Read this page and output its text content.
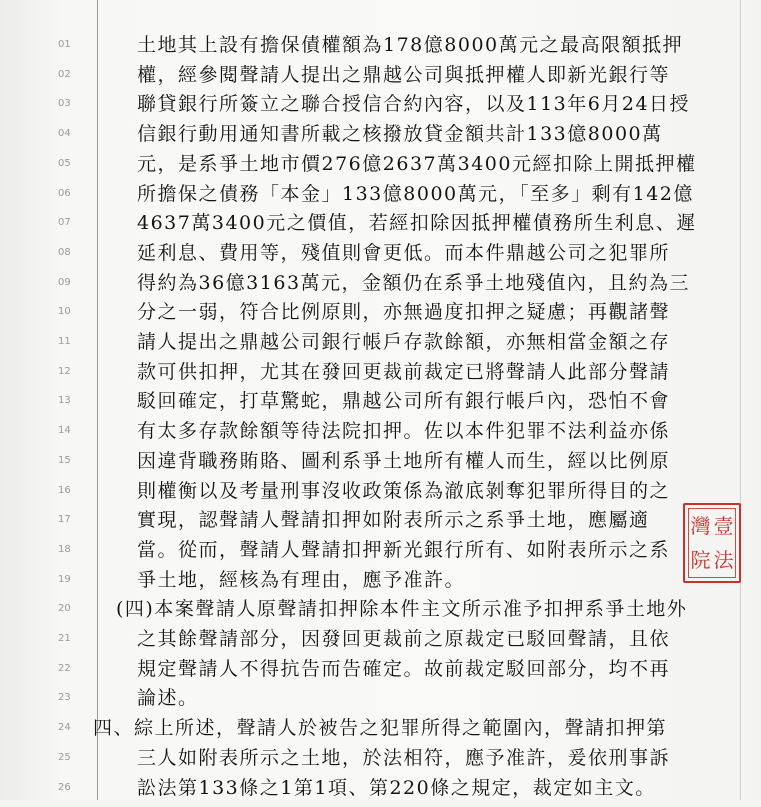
01	土地其上設有擔保債權額為178億8000萬元之最高限額抵押
02	權，經參閱聲請人提出之鼎越公司與抵押權人即新光銀行等
03	聯貸銀行所簽立之聯合授信合約內容，以及113年6月24日授
04	信銀行動用通知書所載之核撥放貸金額共計133億8000萬
05	元，是系爭土地市價276億2637萬3400元經扣除上開抵押權
06	所擔保之債務「本金」133億8000萬元，「至多」剩有142億
07	4637萬3400元之價值，若經扣除因抵押權債務所生利息、遲
08	延利息、費用等，殘值則會更低。而本件鼎越公司之犯罪所
09	得約為36億3163萬元，金額仍在系爭土地殘值內，且約為三
10	分之一弱，符合比例原則，亦無過度扣押之疑慮；再觀諸聲
11	請人提出之鼎越公司銀行帳戶存款餘額，亦無相當金額之存
12	款可供扣押，尤其在發回更裁前裁定已將聲請人此部分聲請
13	駁回確定，打草驚蛇，鼎越公司所有銀行帳戶內，恐怕不會
14	有太多存款餘額等待法院扣押。佐以本件犯罪不法利益亦係
15	因違背職務賄賂、圖利系爭土地所有權人而生，經以比例原
16	則權衡以及考量刑事沒收政策係為澈底剝奪犯罪所得目的之
17	實現，認聲請人聲請扣押如附表所示之系爭土地，應屬適
18	當。從而，聲請人聲請扣押新光銀行所有、如附表所示之系
19	爭土地，經核為有理由，應予准許。
20	(四)本案聲請人原聲請扣押除本件主文所示准予扣押系爭土地外
21	之其餘聲請部分，因發回更裁前之原裁定已駁回聲請，且依
22	規定聲請人不得抗告而告確定。故前裁定駁回部分，均不再
23	論述。
24	四、綜上所述，聲請人於被告之犯罪所得之範圍內，聲請扣押第
25	三人如附表所示之土地，於法相符，應予准許，爰依刑事訴
26	訟法第133條之1第1項、第220條之規定，裁定如主文。
灣 壹
院 法
